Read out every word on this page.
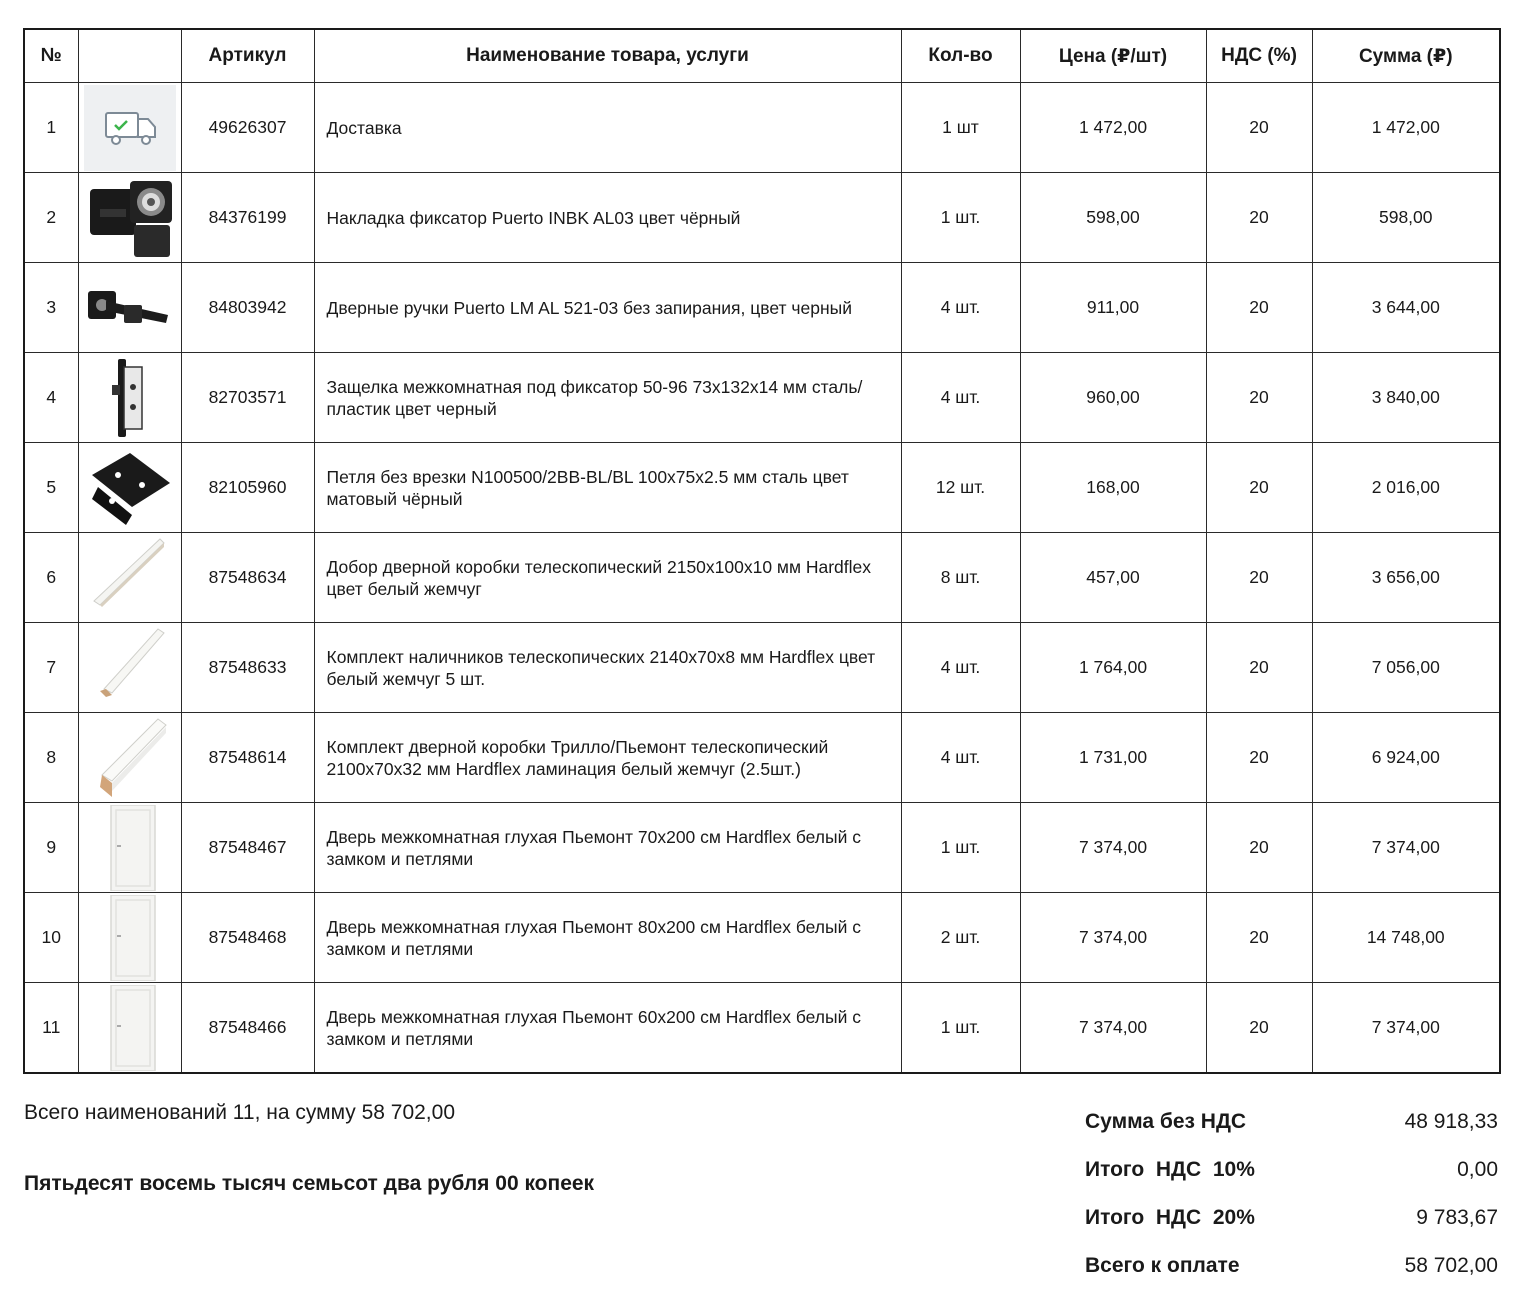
№		Артикул	Наименование товара, услуги	Кол-во	Цена (₽/шт)	НДС (%)	Сумма (₽)
1		49626307	Доставка	1 шт	1 472,00	20	1 472,00
2		84376199	Накладка фиксатор Puerto INBK AL03 цвет чёрный	1 шт.	598,00	20	598,00
3		84803942	Дверные ручки Puerto LM AL 521-03 без запирания, цвет черный	4 шт.	911,00	20	3 644,00
4		82703571	Защелка межкомнатная под фиксатор 50-96 73x132x14 мм сталь/пластик цвет черный	4 шт.	960,00	20	3 840,00
5		82105960	Петля без врезки N100500/2BB-BL/BL 100x75x2.5 мм сталь цвет матовый чёрный	12 шт.	168,00	20	2 016,00
6		87548634	Добор дверной коробки телескопический 2150x100x10 мм Hardflex цвет белый жемчуг	8 шт.	457,00	20	3 656,00
7		87548633	Комплект наличников телескопических 2140x70x8 мм Hardflex цвет белый жемчуг 5 шт.	4 шт.	1 764,00	20	7 056,00
8		87548614	Комплект дверной коробки Трилло/Пьемонт телескопический 2100x70x32 мм Hardflex ламинация белый жемчуг (2.5шт.)	4 шт.	1 731,00	20	6 924,00
9		87548467	Дверь межкомнатная глухая Пьемонт 70x200 см Hardflex белый с замком и петлями	1 шт.	7 374,00	20	7 374,00
10		87548468	Дверь межкомнатная глухая Пьемонт 80x200 см Hardflex белый с замком и петлями	2 шт.	7 374,00	20	14 748,00
11		87548466	Дверь межкомнатная глухая Пьемонт 60x200 см Hardflex белый с замком и петлями	1 шт.	7 374,00	20	7 374,00
Всего наименований 11, на сумму 58 702,00
Пятьдесят восемь тысяч семьсот два рубля 00 копеек
Сумма без НДС	48 918,33
Итого  НДС  10%	0,00
Итого  НДС  20%	9 783,67
Всего к оплате	58 702,00
